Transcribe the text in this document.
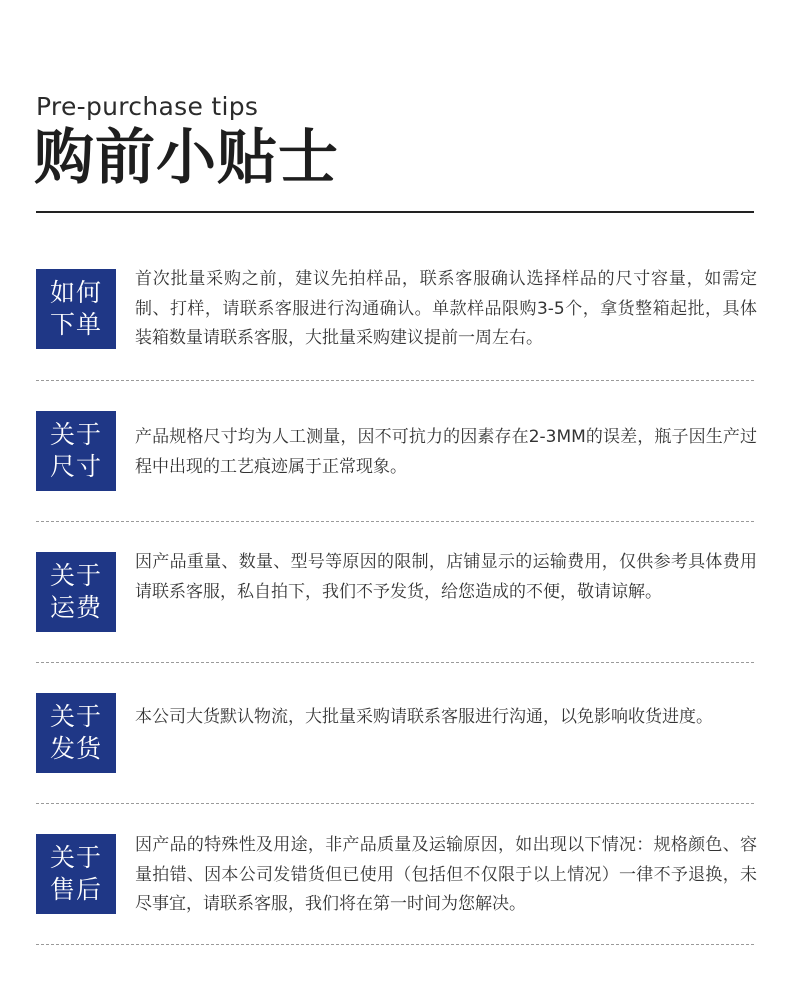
Pre-purchase tips
购前小贴士
如何
下单
首次批量采购之前，建议先拍样品，联系客服确认选择样品的尺寸容量，如需定制、打样，请联系客服进行沟通确认。单款样品限购3-5个，拿货整箱起批，具体装箱数量请联系客服，大批量采购建议提前一周左右。
关于
尺寸
产品规格尺寸均为人工测量，因不可抗力的因素存在2-3MM的误差，瓶子因生产过程中出现的工艺痕迹属于正常现象。
关于
运费
因产品重量、数量、型号等原因的限制，店铺显示的运输费用，仅供参考具体费用请联系客服，私自拍下，我们不予发货，给您造成的不便，敬请谅解。
关于
发货
本公司大货默认物流，大批量采购请联系客服进行沟通，以免影响收货进度。
关于
售后
因产品的特殊性及用途，非产品质量及运输原因，如出现以下情况：规格颜色、容量拍错、因本公司发错货但已使用（包括但不仅限于以上情况）一律不予退换，未尽事宜，请联系客服，我们将在第一时间为您解决。
